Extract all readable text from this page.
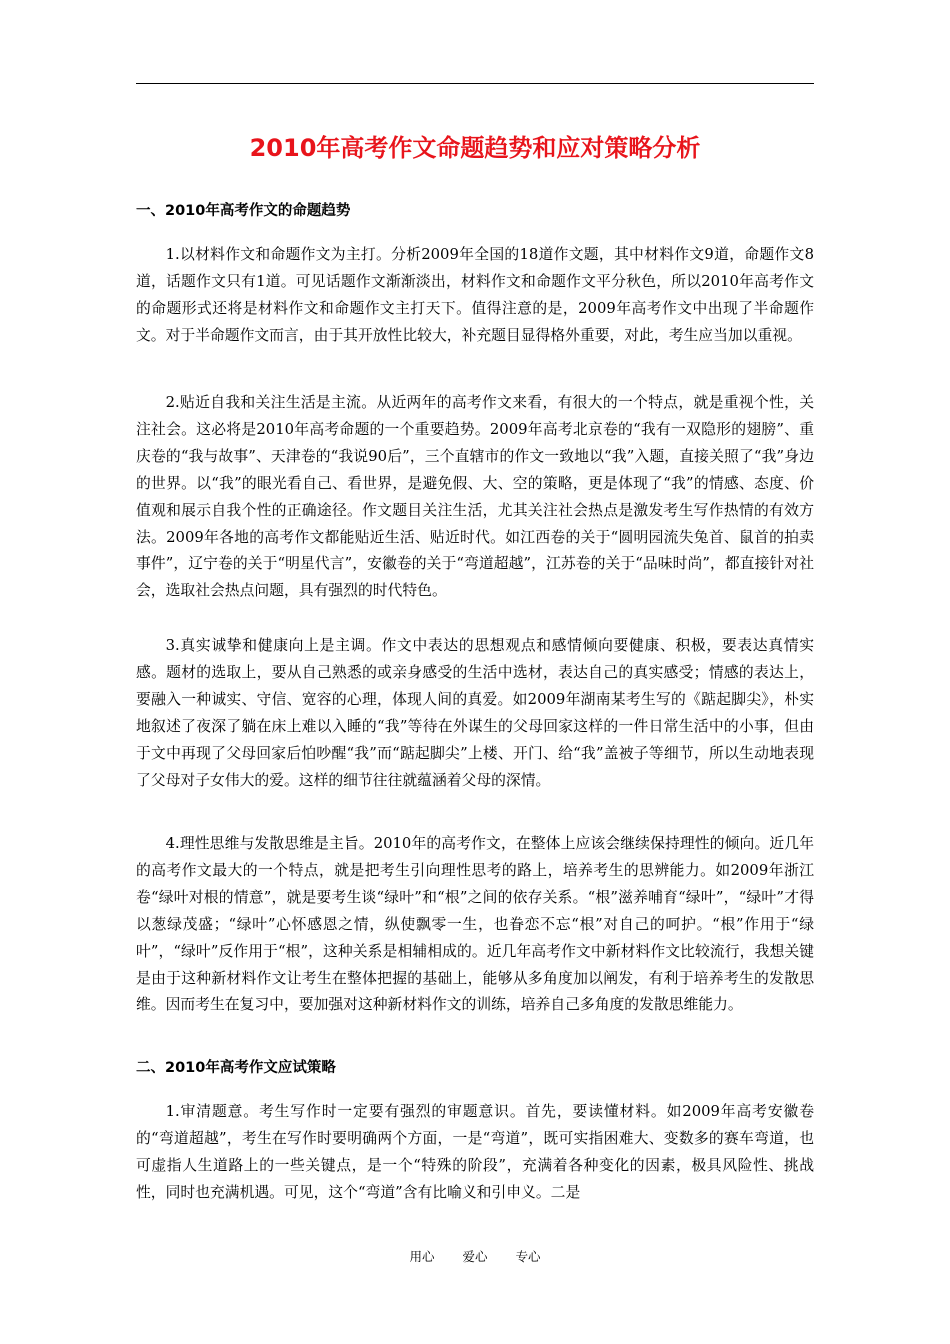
2010年高考作文命题趋势和应对策略分析
一、2010年高考作文的命题趋势

1.以材料作文和命题作文为主打。分析2009年全国的18道作文题，其中材料作文9道，命题作文8道，话题作文只有1道。可见话题作文渐渐淡出，材料作文和命题作文平分秋色，所以2010年高考作文的命题形式还将是材料作文和命题作文主打天下。值得注意的是，2009年高考作文中出现了半命题作文。对于半命题作文而言，由于其开放性比较大，补充题目显得格外重要，对此，考生应当加以重视。

2.贴近自我和关注生活是主流。从近两年的高考作文来看，有很大的一个特点，就是重视个性，关注社会。这必将是2010年高考命题的一个重要趋势。2009年高考北京卷的“我有一双隐形的翅膀”、重庆卷的“我与故事”、天津卷的“我说90后”，三个直辖市的作文一致地以“我”入题，直接关照了“我”身边的世界。以“我”的眼光看自己、看世界，是避免假、大、空的策略，更是体现了“我”的情感、态度、价值观和展示自我个性的正确途径。作文题目关注生活，尤其关注社会热点是激发考生写作热情的有效方法。2009年各地的高考作文都能贴近生活、贴近时代。如江西卷的关于“圆明园流失兔首、鼠首的拍卖事件”，辽宁卷的关于“明星代言”，安徽卷的关于“弯道超越”，江苏卷的关于“品味时尚”，都直接针对社会，选取社会热点问题，具有强烈的时代特色。

3.真实诚挚和健康向上是主调。作文中表达的思想观点和感情倾向要健康、积极，要表达真情实感。题材的选取上，要从自己熟悉的或亲身感受的生活中选材，表达自己的真实感受；情感的表达上，要融入一种诚实、守信、宽容的心理，体现人间的真爱。如2009年湖南某考生写的《踮起脚尖》，朴实地叙述了夜深了躺在床上难以入睡的“我”等待在外谋生的父母回家这样的一件日常生活中的小事，但由于文中再现了父母回家后怕吵醒“我”而“踮起脚尖”上楼、开门、给“我”盖被子等细节，所以生动地表现了父母对子女伟大的爱。这样的细节往往就蕴涵着父母的深情。

4.理性思维与发散思维是主旨。2010年的高考作文，在整体上应该会继续保持理性的倾向。近几年的高考作文最大的一个特点，就是把考生引向理性思考的路上，培养考生的思辨能力。如2009年浙江卷“绿叶对根的情意”，就是要考生谈“绿叶”和“根”之间的依存关系。“根”滋养哺育“绿叶”，“绿叶”才得以葱绿茂盛；“绿叶”心怀感恩之情，纵使飘零一生，也眷恋不忘“根”对自己的呵护。“根”作用于“绿叶”，“绿叶”反作用于“根”，这种关系是相辅相成的。近几年高考作文中新材料作文比较流行，我想关键是由于这种新材料作文让考生在整体把握的基础上，能够从多角度加以阐发，有利于培养考生的发散思维。因而考生在复习中，要加强对这种新材料作文的训练，培养自己多角度的发散思维能力。

二、2010年高考作文应试策略

1.审清题意。考生写作时一定要有强烈的审题意识。首先，要读懂材料。如2009年高考安徽卷的“弯道超越”，考生在写作时要明确两个方面，一是“弯道”，既可实指困难大、变数多的赛车弯道，也可虚指人生道路上的一些关键点，是一个“特殊的阶段”，充满着各种变化的因素，极具风险性、挑战性，同时也充满机遇。可见，这个“弯道”含有比喻义和引申义。二是

用心  爱心  专心
